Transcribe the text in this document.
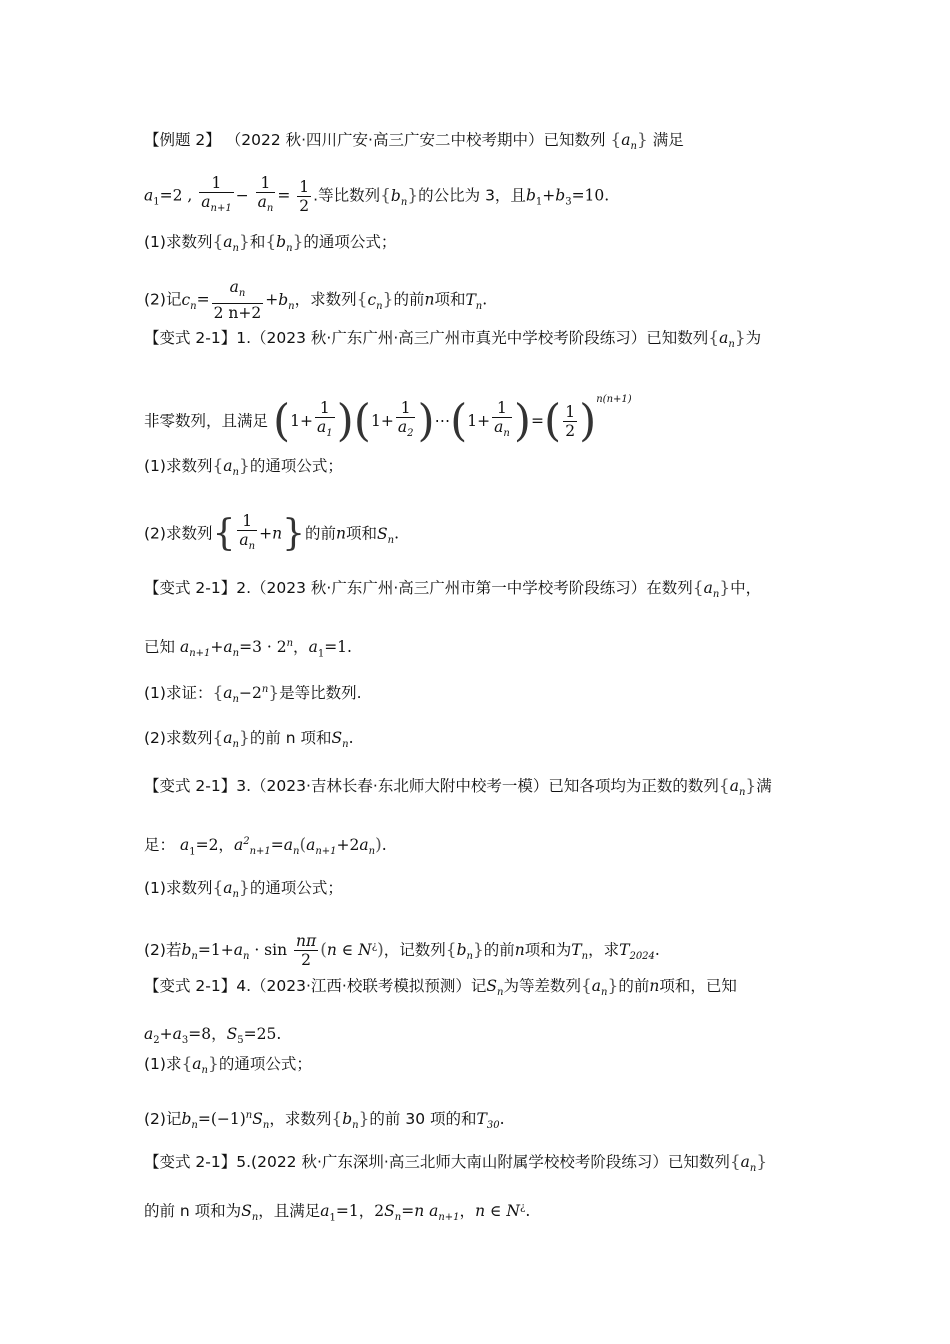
【例题 2】 （2022 秋·四川广安·高三广安二中校考期中）已知数列 $\{a_n\}$ 满足
$a_1=2$ , $\frac{1}{a_{n+1}} - \frac{1}{a_n} = \frac{1}{2}$ .等比数列$\{b_n\}$的公比为 3，且$b_1+b_3=10$.
(1)求数列$\{a_n\}$和$\{b_n\}$的通项公式；
(2)记$c_n= \frac{a_n}{2 n+2} +b_n$，求数列$\{c_n\}$的前n项和$T_n$.
【变式 2-1】1.（2023 秋·广东广州·高三广州市真光中学校考阶段练习）已知数列$\{a_n\}$为
非零数列，且满足 $(1+ \frac{1}{a_1} )(1+ \frac{1}{a_2}$ )⋯(1+ $\frac{1}{a_n}$ )=( $\frac{1}{2} )^{n(n+1)}$
(1)求数列$\{a_n\}$的通项公式；
(2)求数列{ $\frac{1}{a_n} +n$}的前n项和$S_n$.
【变式 2-1】2.（2023 秋·广东广州·高三广州市第一中学校考阶段练习）在数列$\{a_n\}$中，
已知 $a_{n+1}+a_n=3 \cdot 2^n$，$a_1=1$.
(1)求证：$\{a_n-2^n\}$是等比数列.
(2)求数列$\{a_n\}$的前 n 项和$S_n$.
【变式 2-1】3.（2023·吉林长春·东北师大附中校考一模）已知各项均为正数的数列$\{a_n\}$满
足： $a_1=2$，$a^2_{n+1}=a_n(a_{n+1}+2a_n)$.
(1)求数列$\{a_n\}$的通项公式；
(2)若$b_n=1+a_n \cdot \sin \frac{n\pi}{2} (n$ ∈ N¿)，记数列$\{b_n\}$的前n项和为$T_n$，求$T_{2024}$.
【变式 2-1】4.（2023·江西·校联考模拟预测）记$S_n$为等差数列$\{a_n\}$的前n项和，已知
$a_2+a_3=8$，$S_5=25$.
(1)求$\{a_n\}$的通项公式；
(2)记$b_n=(-1)^nS_n$，求数列$\{b_n\}$的前 30 项的和$T_{30}$.
【变式 2-1】5.(2022 秋·广东深圳·高三北师大南山附属学校校考阶段练习）已知数列$\{a_n\}$
的前 n 项和为$S_n$，且满足$a_1=1$，$2S_n=n$ $a_{n+1}$，n ∈ N¿.
